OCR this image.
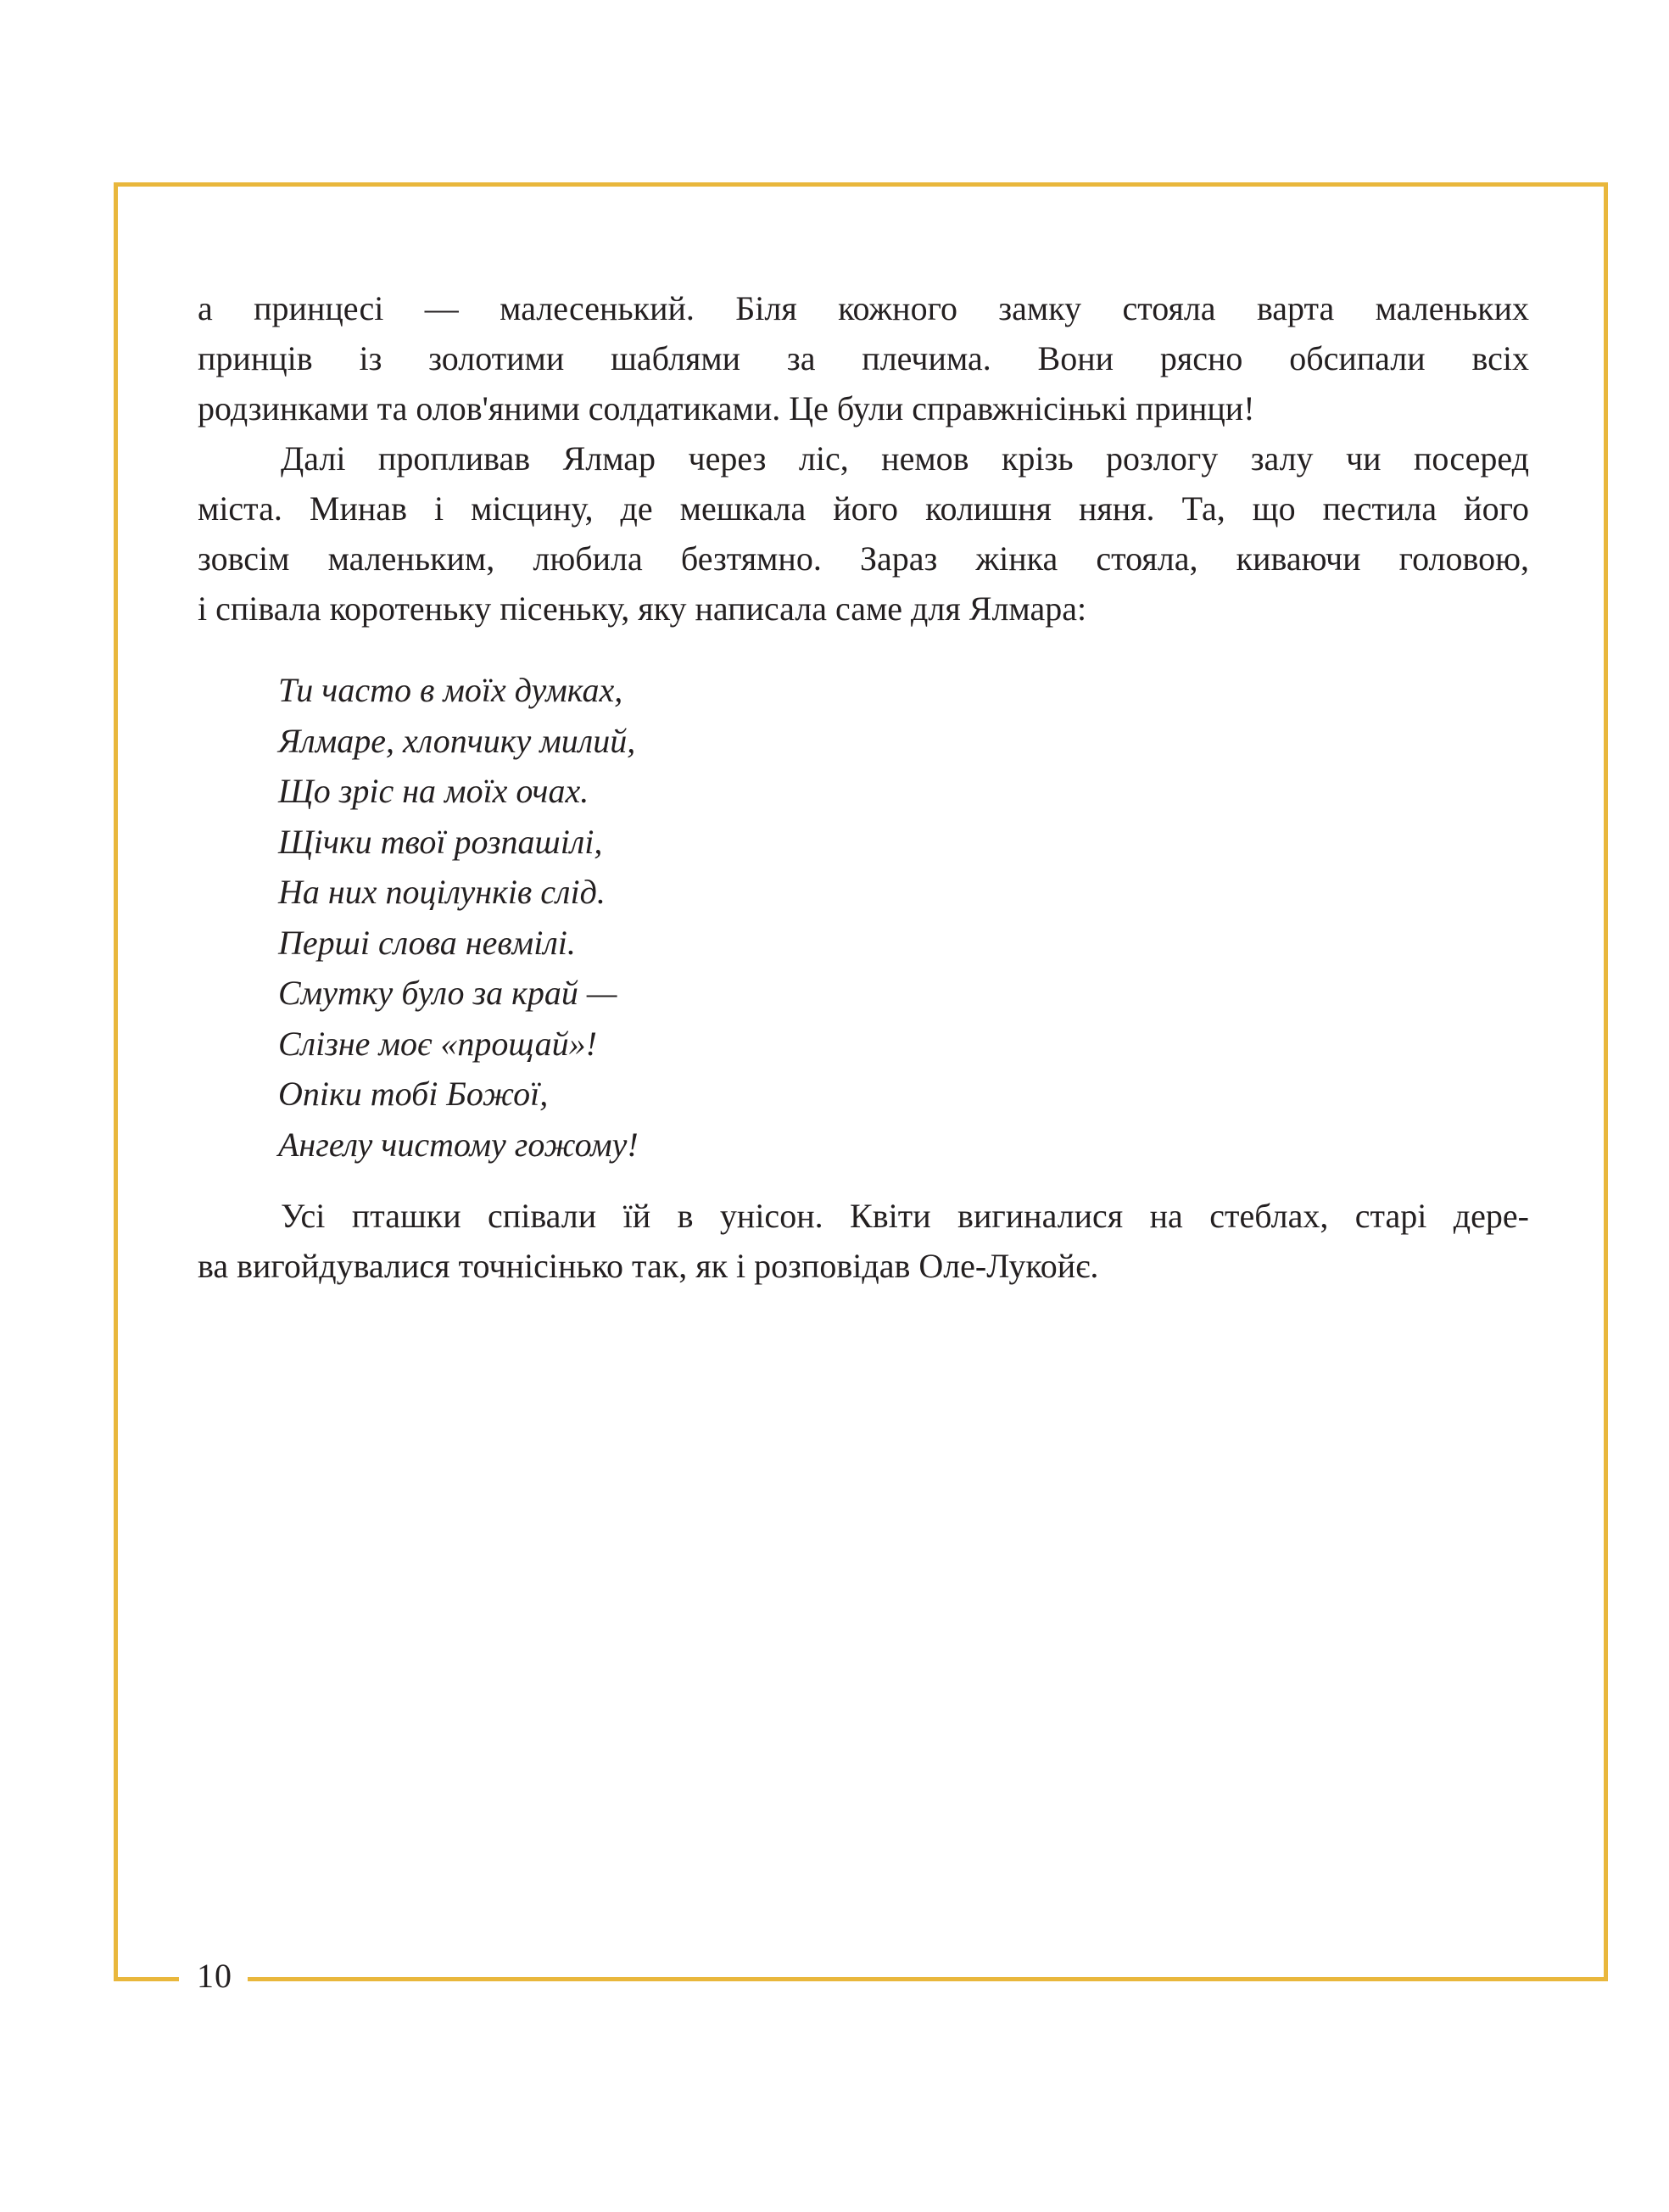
10

а принцесі — малесенький. Біля кожного замку стояла варта маленьких
принців із золотими шаблями за плечима. Вони рясно обсипали всіх
родзинками та олов'яними солдатиками. Це були справжнісінькі принци!

Далі пропливав Ялмар через ліс, немов крізь розлогу залу чи посеред
міста. Минав і місцину, де мешкала його колишня няня. Та, що пестила його
зовсім маленьким, любила безтямно. Зараз жінка стояла, киваючи головою,
і співала коротеньку пісеньку, яку написала саме для Ялмара:

Ти часто в моїх думках,
Ялмаре, хлопчику милий,
Що зріс на моїх очах.
Щічки твої розпашілі,
На них поцілунків слід.
Перші слова невмілі.
Смутку було за край —
Слізне моє «прощай»!
Опіки тобі Божої,
Ангелу чистому гожому!

Усі пташки співали їй в унісон. Квіти вигиналися на стеблах, старі дере-
ва вигойдувалися точнісінько так, як і розповідав Оле-Лукойє.
